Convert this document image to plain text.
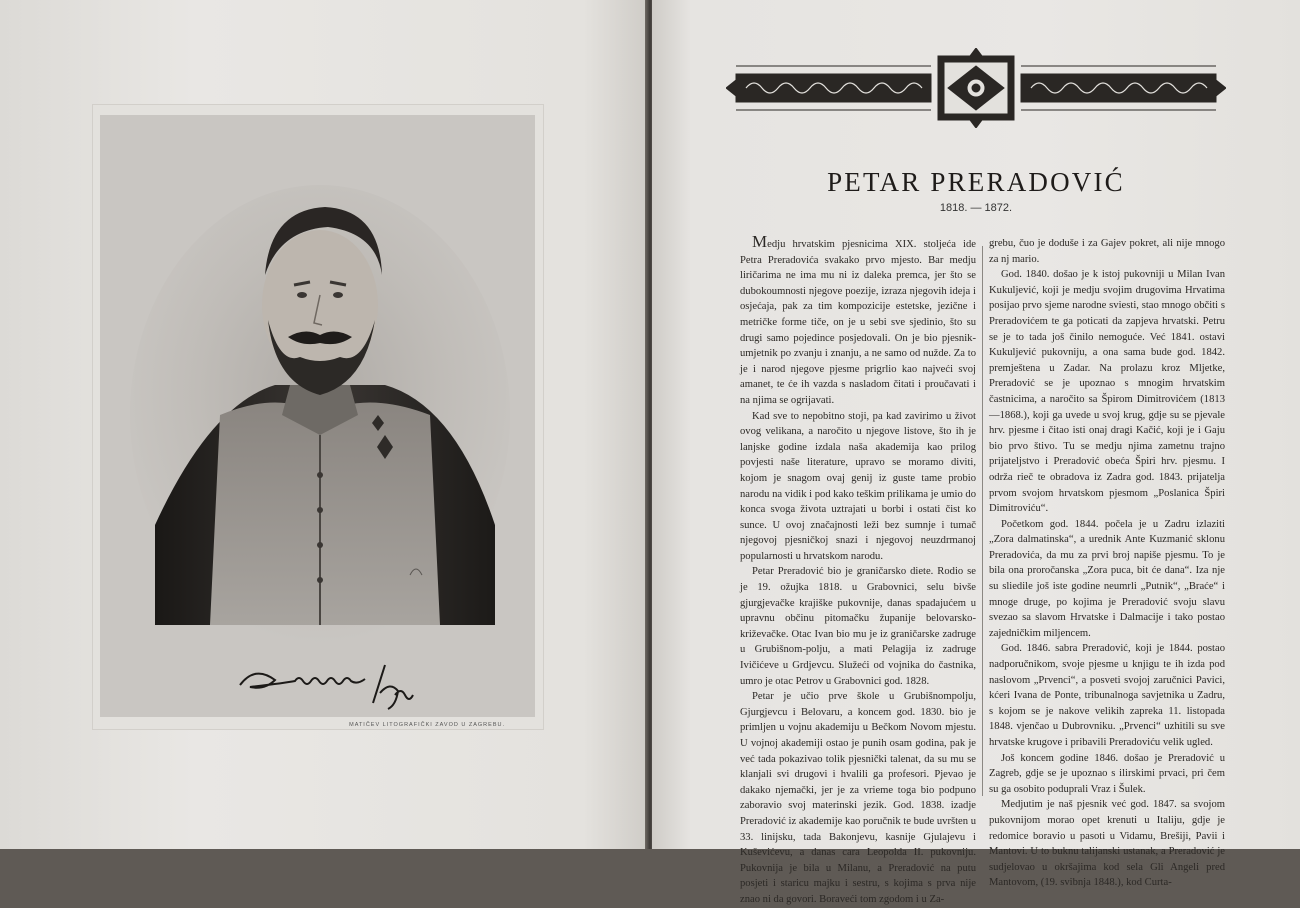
MATIČEV LITOGRAFIČKI ZAVOD U ZAGREBU.
PETAR PRERADOVIĆ
1818. — 1872.

Medju hrvatskim pjesnicima XIX. stoljeća ide Petra Preradovića svakako prvo mjesto. Bar medju liričarima ne ima mu ni iz daleka premca, jer što se dubokoumnosti njegove poezije, izraza njegovih ideja i osjećaja, pak za tim kompozicije estetske, jezične i metričke forme tiče, on je u sebi sve sjedinio, što su drugi samo pojedince posjedovali. On je bio pjesnik-umjetnik po zvanju i znanju, a ne samo od nužde. Za to je i narod njegove pjesme prigrlio kao najveći svoj amanet, te će ih vazda s nasladom čitati i proučavati i na njima se ogrijavati.

Kad sve to nepobitno stoji, pa kad zavirimo u život ovog velikana, a naročito u njegove listove, što ih je lanjske godine izdala naša akademija kao prilog povjesti naše literature, upravo se moramo diviti, kojom je snagom ovaj genij iz guste tame probio narodu na vidik i pod kako teškim prilikama je umio do konca svoga života uztrajati u borbi i ostati čist ko sunce. U ovoj značajnosti leži bez sumnje i tumač njegovoj pjesničkoj snazi i njegovoj neuzdrmanoj popularnosti u hrvatskom narodu.

Petar Preradović bio je graničarsko diete. Rodio se je 19. ožujka 1818. u Grabovnici, selu bivše gjurgjevačke krajiške pukovnije, danas spadajućem u upravnu občinu pitomačku županije belovarsko-križevačke. Otac Ivan bio mu je iz graničarske zadruge u Grubišnom-polju, a mati Pelagija iz zadruge Ivičićeve u Grdjevcu. Služeći od vojnika do častnika, umro je otac Petrov u Grabovnici god. 1828.

Petar je učio prve škole u Grubišnompolju, Gjurgjevcu i Belovaru, a koncem god. 1830. bio je primljen u vojnu akademiju u Bečkom Novom mjestu. U vojnoj akademiji ostao je punih osam godina, pak je već tada pokazivao tolik pjesnički talenat, da su mu se klanjali svi drugovi i hvalili ga profesori. Pjevao je dakako njemački, jer je za vrieme toga bio podpuno zaboravio svoj materinski jezik. God. 1838. izadje Preradović iz akademije kao poručnik te bude uvršten u 33. linijsku, tada Bakonjevu, kasnije Gjulajevu i Kuševićevu, a danas cara Leopolda II. pukovniju. Pukovnija je bila u Milanu, a Preradović na putu posjeti i staricu majku i sestru, s kojima s prva nije znao ni da govori. Boraveći tom zgodom i u Za-

grebu, čuo je doduše i za Gajev pokret, ali nije mnogo za nj mario.

God. 1840. došao je k istoj pukovniji u Milan Ivan Kukuljević, koji je medju svojim drugovima Hrvatima posijao prvo sjeme narodne sviesti, stao mnogo občiti s Preradovićem te ga poticati da zapjeva hrvatski. Petru se je to tada još činilo nemoguće. Već 1841. ostavi Kukuljević pukovniju, a ona sama bude god. 1842. premještena u Zadar. Na prolazu kroz Mljetke, Preradović se je upoznao s mnogim hrvatskim častnicima, a naročito sa Špirom Dimitrovićem (1813—1868.), koji ga uvede u svoj krug, gdje su se pjevale hrv. pjesme i čitao isti onaj dragi Kačić, koji je i Gaju bio prvo štivo. Tu se medju njima zametnu trajno prijateljstvo i Preradović obeća Špiri hrv. pjesmu. I održa rieč te obradova iz Zadra god. 1843. prijatelja prvom svojom hrvatskom pjesmom „Poslanica Špiri Dimitroviću“.

Početkom god. 1844. počela je u Zadru izlaziti „Zora dalmatinska“, a urednik Ante Kuzmanić sklonu Preradovića, da mu za prvi broj napiše pjesmu. To je bila ona proročanska „Zora puca, bit će dana“. Iza nje su sliedile još iste godine neumrli „Putnik“, „Braće“ i mnoge druge, po kojima je Preradović svoju slavu svezao sa slavom Hrvatske i Dalmacije i tako postao zajedničkim miljencem.

God. 1846. sabra Preradović, koji je 1844. postao nadporučnikom, svoje pjesme u knjigu te ih izda pod naslovom „Prvenci“, a posveti svojoj zaručnici Pavici, kćeri Ivana de Ponte, tribunalnoga savjetnika u Zadru, s kojom se je nakove velikih zapreka 11. listopada 1848. vjenčao u Dubrovniku. „Prvenci“ uzhitili su sve hrvatske krugove i pribavili Preradoviću velik ugled.

Još koncem godine 1846. došao je Preradović u Zagreb, gdje se je upoznao s ilirskimi prvaci, pri čem su ga osobito poduprali Vraz i Šulek.

Medjutim je naš pjesnik već god. 1847. sa svojom pukovnijom morao opet krenuti u Italiju, gdje je redomice boravio u pasoti u Vidamu, Brešiji, Pavii i Mantovi. U to buknu talijanski ustanak, a Preradović je sudjelovao u okršajima kod sela Gli Angeli pred Mantovom, (19. svibnja 1848.), kod Curta-
